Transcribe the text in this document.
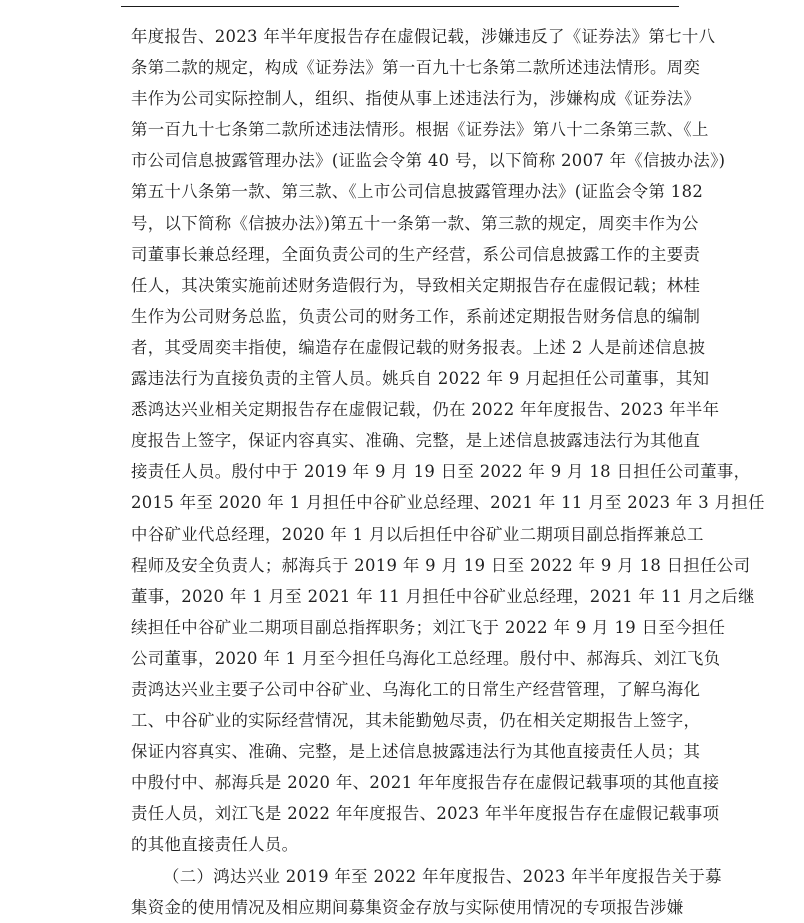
年度报告、2023 年半年度报告存在虚假记载，涉嫌违反了《证券法》第七十八
条第二款的规定，构成《证券法》第一百九十七条第二款所述违法情形。周奕
丰作为公司实际控制人，组织、指使从事上述违法行为，涉嫌构成《证券法》
第一百九十七条第二款所述违法情形。根据《证券法》第八十二条第三款、《上
市公司信息披露管理办法》(证监会令第 40 号，以下简称 2007 年《信披办法》)
第五十八条第一款、第三款、《上市公司信息披露管理办法》(证监会令第 182
号，以下简称《信披办法》)第五十一条第一款、第三款的规定，周奕丰作为公
司董事长兼总经理，全面负责公司的生产经营，系公司信息披露工作的主要责
任人，其决策实施前述财务造假行为，导致相关定期报告存在虚假记载；林桂
生作为公司财务总监，负责公司的财务工作，系前述定期报告财务信息的编制
者，其受周奕丰指使，编造存在虚假记载的财务报表。上述 2 人是前述信息披
露违法行为直接负责的主管人员。姚兵自 2022 年 9 月起担任公司董事，其知
悉鸿达兴业相关定期报告存在虚假记载，仍在 2022 年年度报告、2023 年半年
度报告上签字，保证内容真实、准确、完整，是上述信息披露违法行为其他直
接责任人员。殷付中于 2019 年 9 月 19 日至 2022 年 9 月 18 日担任公司董事，
2015 年至 2020 年 1 月担任中谷矿业总经理、2021 年 11 月至 2023 年 3 月担任
中谷矿业代总经理，2020 年 1 月以后担任中谷矿业二期项目副总指挥兼总工
程师及安全负责人；郝海兵于 2019 年 9 月 19 日至 2022 年 9 月 18 日担任公司
董事，2020 年 1 月至 2021 年 11 月担任中谷矿业总经理，2021 年 11 月之后继
续担任中谷矿业二期项目副总指挥职务；刘江飞于 2022 年 9 月 19 日至今担任
公司董事，2020 年 1 月至今担任乌海化工总经理。殷付中、郝海兵、刘江飞负
责鸿达兴业主要子公司中谷矿业、乌海化工的日常生产经营管理，了解乌海化
工、中谷矿业的实际经营情况，其未能勤勉尽责，仍在相关定期报告上签字，
保证内容真实、准确、完整，是上述信息披露违法行为其他直接责任人员；其
中殷付中、郝海兵是 2020 年、2021 年年度报告存在虚假记载事项的其他直接
责任人员，刘江飞是 2022 年年度报告、2023 年半年度报告存在虚假记载事项
的其他直接责任人员。
（二）鸿达兴业 2019 年至 2022 年年度报告、2023 年半年度报告关于募
集资金的使用情况及相应期间募集资金存放与实际使用情况的专项报告涉嫌
